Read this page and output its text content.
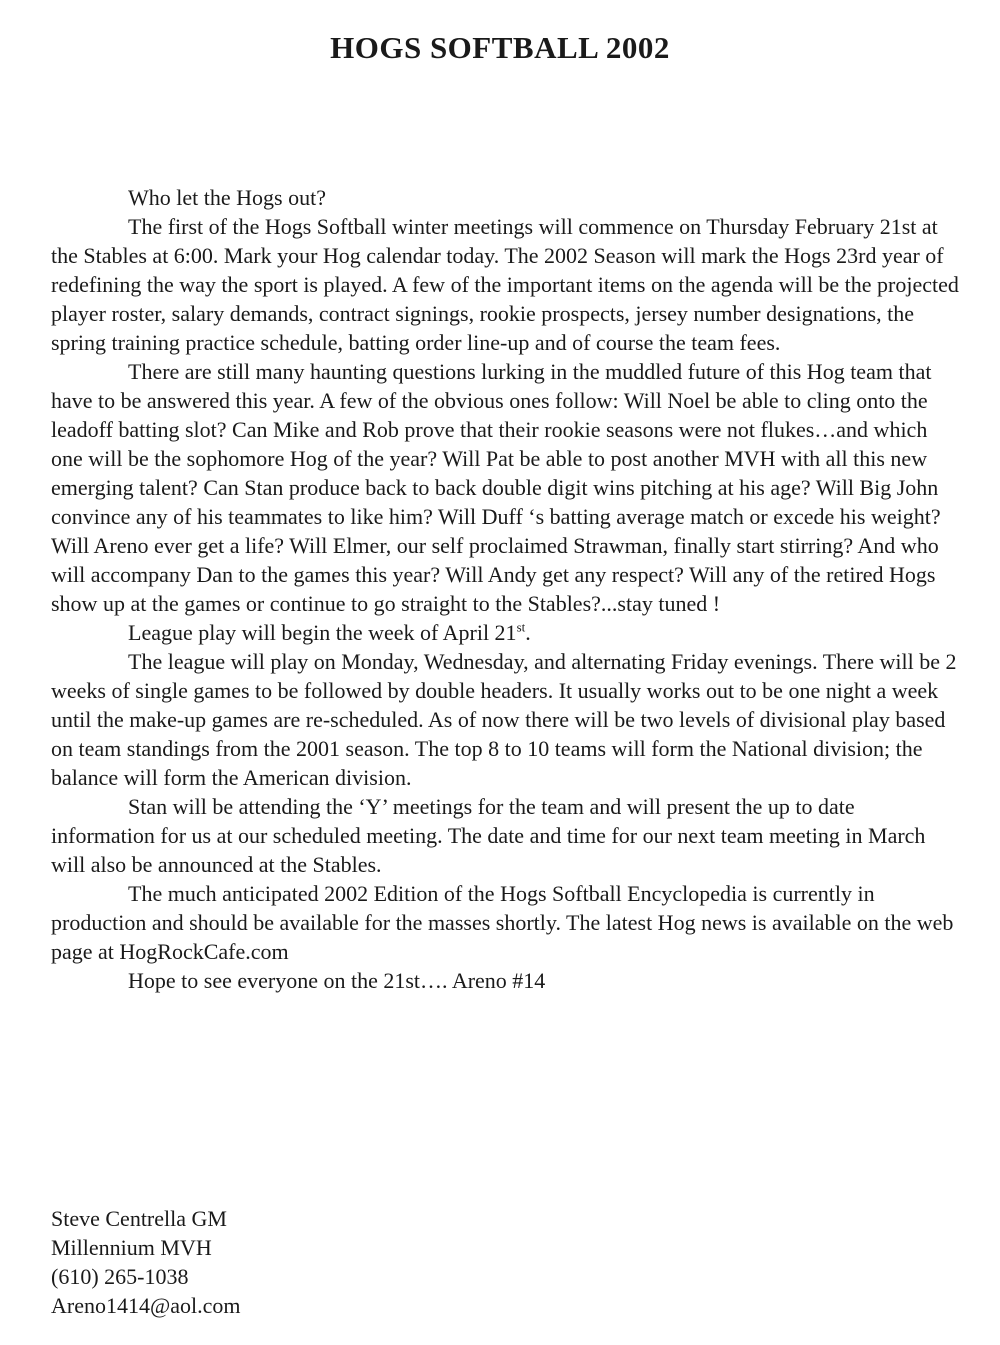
HOGS SOFTBALL 2002

Who let the Hogs out?

The first of the Hogs Softball winter meetings will commence on Thursday February 21st at the Stables at 6:00. Mark your Hog calendar today. The 2002 Season will mark the Hogs 23rd year of redefining the way the sport is played. A few of the important items on the agenda will be the projected player roster, salary demands, contract signings, rookie prospects, jersey number designations, the spring training practice schedule, batting order line-up and of course the team fees.

There are still many haunting questions lurking in the muddled future of this Hog team that have to be answered this year. A few of the obvious ones follow: Will Noel be able to cling onto the leadoff batting slot? Can Mike and Rob prove that their rookie seasons were not flukes…and which one will be the sophomore Hog of the year? Will Pat be able to post another MVH with all this new emerging talent? Can Stan produce back to back double digit wins pitching at his age? Will Big John convince any of his teammates to like him? Will Duff ‘s batting average match or excede his weight? Will Areno ever get a life? Will Elmer, our self proclaimed Strawman, finally start stirring? And who will accompany Dan to the games this year? Will Andy get any respect? Will any of the retired Hogs show up at the games or continue to go straight to the Stables?...stay tuned !

League play will begin the week of April 21st.

The league will play on Monday, Wednesday, and alternating Friday evenings. There will be 2 weeks of single games to be followed by double headers. It usually works out to be one night a week until the make-up games are re-scheduled. As of now there will be two levels of divisional play based on team standings from the 2001 season. The top 8 to 10 teams will form the National division; the balance will form the American division.

Stan will be attending the ‘Y’ meetings for the team and will present the up to date information for us at our scheduled meeting. The date and time for our next team meeting in March will also be announced at the Stables.

The much anticipated 2002 Edition of the Hogs Softball Encyclopedia is currently in production and should be available for the masses shortly. The latest Hog news is available on the web page at HogRockCafe.com

Hope to see everyone on the 21st…. Areno #14

Steve Centrella GM
Millennium MVH
(610) 265-1038
Areno1414@aol.com
